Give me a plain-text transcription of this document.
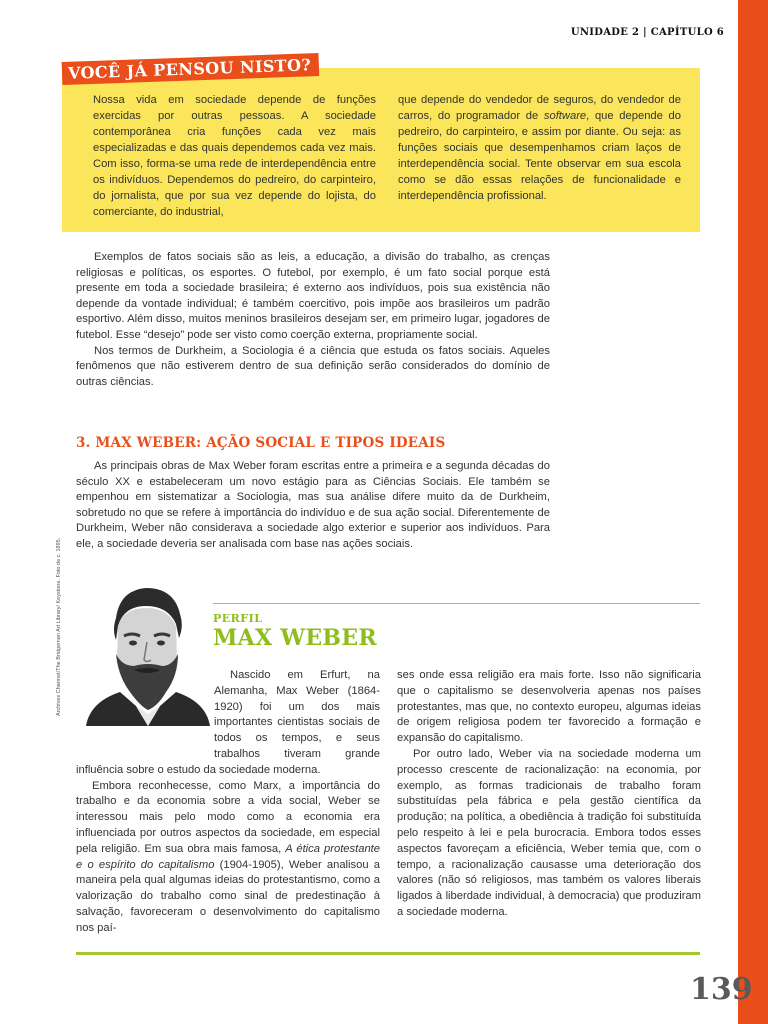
UNIDADE 2 | CAPÍTULO 6
VOCÊ JÁ PENSOU NISTO?
Nossa vida em sociedade depende de funções exercidas por outras pessoas. A sociedade contemporânea cria funções cada vez mais especializadas e das quais dependemos cada vez mais. Com isso, forma-se uma rede de interdependência entre os indivíduos. Dependemos do pedreiro, do carpinteiro, do jornalista, que por sua vez depende do lojista, do comerciante, do industrial,
que depende do vendedor de seguros, do vendedor de carros, do programador de software, que depende do pedreiro, do carpinteiro, e assim por diante. Ou seja: as funções sociais que desempenhamos criam laços de interdependência social. Tente observar em sua escola como se dão essas relações de funcionalidade e interdependência profissional.

Exemplos de fatos sociais são as leis, a educação, a divisão do trabalho, as crenças religiosas e políticas, os esportes. O futebol, por exemplo, é um fato social porque está presente em toda a sociedade brasileira; é externo aos indivíduos, pois sua existência não depende da vontade individual; é também coercitivo, pois impõe aos brasileiros um padrão esportivo. Além disso, muitos meninos brasileiros desejam ser, em primeiro lugar, jogadores de futebol. Esse “desejo” pode ser visto como coerção externa, propriamente social.

Nos termos de Durkheim, a Sociologia é a ciência que estuda os fatos sociais. Aqueles fenômenos que não estiverem dentro de sua definição serão considerados do domínio de outras ciências.

3. MAX WEBER: AÇÃO SOCIAL E TIPOS IDEAIS

As principais obras de Max Weber foram escritas entre a primeira e a segunda décadas do século XX e estabeleceram um novo estágio para as Ciências Sociais. Ele também se empenhou em sistematizar a Sociologia, mas sua análise difere muito da de Durkheim, sobretudo no que se refere à importância do indivíduo e de sua ação social. Diferentemente de Durkheim, Weber não considerava a sociedade algo exterior e superior aos indivíduos. Para ele, a sociedade deveria ser analisada com base nas ações sociais.

Archives Charmet/The Bridgeman Art Library/ Keystone. Foto de c. 1895.	PERFIL
MAX WEBER

Nascido em Erfurt, na Alemanha, Max Weber (1864-1920) foi um dos mais importantes cientistas sociais de todos os tempos, e seus trabalhos tiveram grande influência sobre o estudo da sociedade moderna.

Embora reconhecesse, como Marx, a importância do trabalho e da economia sobre a vida social, Weber se interessou mais pelo modo como a economia era influenciada por outros aspectos da sociedade, em especial pela religião. Em sua obra mais famosa, A ética protestante e o espírito do capitalismo (1904-1905), Weber analisou a maneira pela qual algumas ideias do protestantismo, como a valorização do trabalho como sinal de predestinação à salvação, favoreceram o desenvolvimento do capitalismo nos paí-

ses onde essa religião era mais forte. Isso não significaria que o capitalismo se desenvolveria apenas nos países protestantes, mas que, no contexto europeu, algumas ideias de origem religiosa podem ter favorecido a formação e expansão do capitalismo.

Por outro lado, Weber via na sociedade moderna um processo crescente de racionalização: na economia, por exemplo, as formas tradicionais de trabalho foram substituídas pela fábrica e pela gestão científica da produção; na política, a obediência à tradição foi substituída pelo respeito à lei e pela burocracia. Embora todos esses aspectos favoreçam a eficiência, Weber temia que, com o tempo, a racionalização causasse uma deterioração dos valores (não só religiosos, mas também os valores liberais ligados à liberdade individual, à democracia) que produziram a sociedade moderna.

139
